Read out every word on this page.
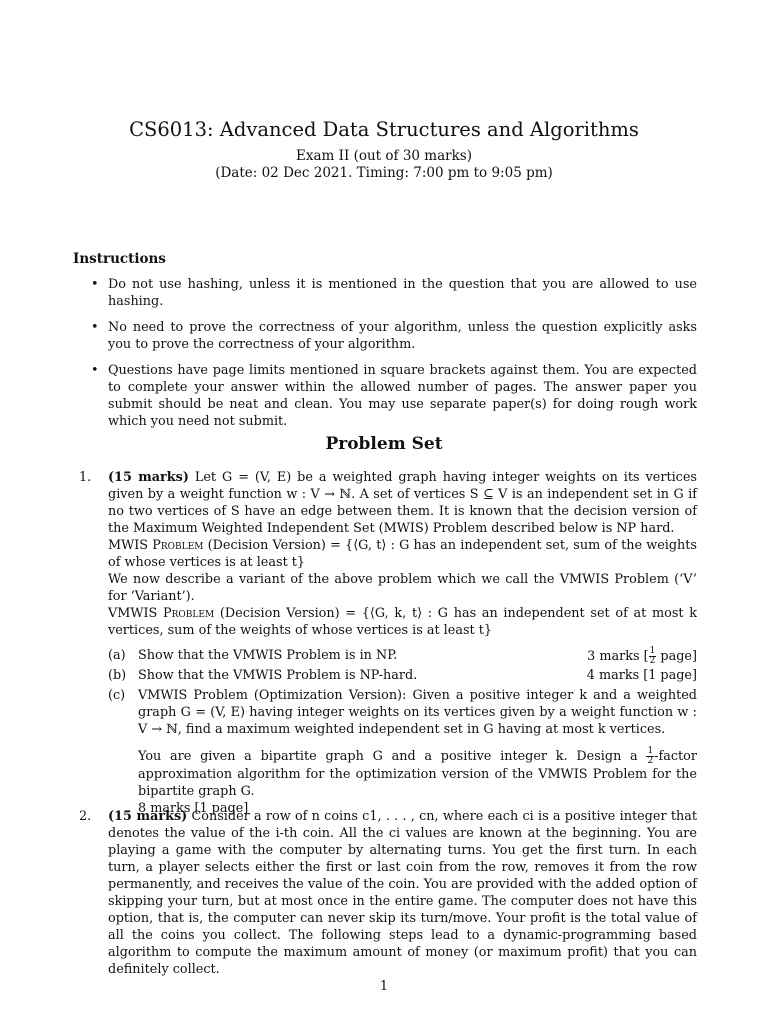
CS6013: Advanced Data Structures and Algorithms
Exam II (out of 30 marks)
(Date: 02 Dec 2021. Timing: 7:00 pm to 9:05 pm)
Instructions
• Do not use hashing, unless it is mentioned in the question that you are allowed to use hashing.
• No need to prove the correctness of your algorithm, unless the question explicitly asks you to prove the correctness of your algorithm.
• Questions have page limits mentioned in square brackets against them. You are expected to complete your answer within the allowed number of pages. The answer paper you submit should be neat and clean. You may use separate paper(s) for doing rough work which you need not submit.
Problem Set
1. (15 marks) Let G = (V, E) be a weighted graph having integer weights on its vertices given by a weight function w : V → ℕ. A set of vertices S ⊆ V is an independent set in G if no two vertices of S have an edge between them. It is known that the decision version of the Maximum Weighted Independent Set (MWIS) Problem described below is NP hard.

MWIS Problem (Decision Version) = {⟨G, t⟩ : G has an independent set, sum of the weights of whose vertices is at least t}

We now describe a variant of the above problem which we call the VMWIS Problem (‘V’ for ‘Variant’).

VMWIS Problem (Decision Version) = {⟨G, k, t⟩ : G has an independent set of at most k vertices, sum of the weights of whose vertices is at least t}

(a)	3 marks [ $\frac{1}{2}$ page]
Show that the VMWIS Problem is in NP.
(b)	4 marks [1 page]
Show that the VMWIS Problem is NP-hard.
(c) VMWIS Problem (Optimization Version): Given a positive integer k and a weighted graph G = (V, E) having integer weights on its vertices given by a weight function w : V → ℕ, find a maximum weighted independent set in G having at most k vertices.

You are given a bipartite graph G and a positive integer k. Design a $\frac{1}{2}$ -factor approximation algorithm for the optimization version of the VMWIS Problem for the bipartite graph G.
8 marks [1 page]

2. (15 marks) Consider a row of n coins c1, . . . , cn, where each ci is a positive integer that denotes the value of the i-th coin. All the ci values are known at the beginning. You are playing a game with the computer by alternating turns. You get the first turn. In each turn, a player selects either the first or last coin from the row, removes it from the row permanently, and receives the value of the coin. You are provided with the added option of skipping your turn, but at most once in the entire game. The computer does not have this option, that is, the computer can never skip its turn/move. Your profit is the total value of all the coins you collect. The following steps lead to a dynamic-programming based algorithm to compute the maximum amount of money (or maximum profit) that you can definitely collect.

1
